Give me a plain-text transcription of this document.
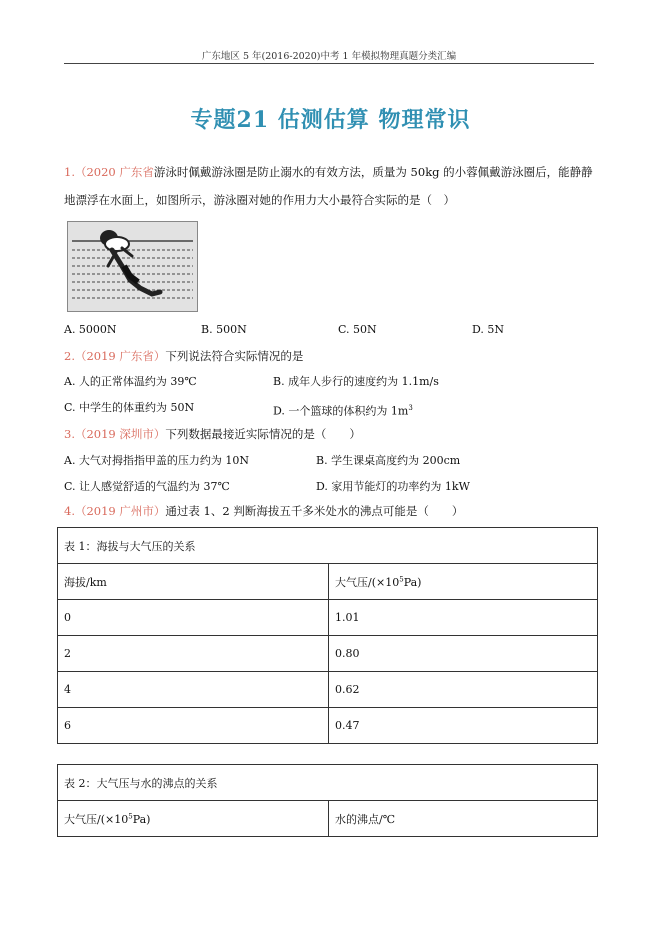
广东地区 5 年(2016-2020)中考 1 年模拟物理真题分类汇编
专题21 估测估算 物理常识
1.（2020 广东省游泳时佩戴游泳圈是防止溺水的有效方法，质量为 50kg 的小蓉佩戴游泳圈后，能静静
地漂浮在水面上，如图所示，游泳圈对她的作用力大小最符合实际的是（　）
A. 5000N	B. 500N	C. 50N	D. 5N
2.（2019 广东省）下列说法符合实际情况的是
A. 人的正常体温约为 39℃	B. 成年人步行的速度约为 1.1m/s
C. 中学生的体重约为 50N	D. 一个篮球的体积约为 $1m^3$
3.（2019 深圳市）下列数据最接近实际情况的是（　　）
A. 大气对拇指指甲盖的压力约为 10N	B. 学生课桌高度约为 200cm
C. 让人感觉舒适的气温约为 37℃	D. 家用节能灯的功率约为 1kW
4.（2019 广州市）通过表 1、2 判断海拔五千多米处水的沸点可能是（　　）
表 1：海拔与大气压的关系	
海拔/km	大气压$/(\times 10^5Pa)$
0	1.01
2	0.80
4	0.62
6	0.47
表 2：大气压与水的沸点的关系
大气压$/(\times 10^5Pa)$	水的沸点/℃
